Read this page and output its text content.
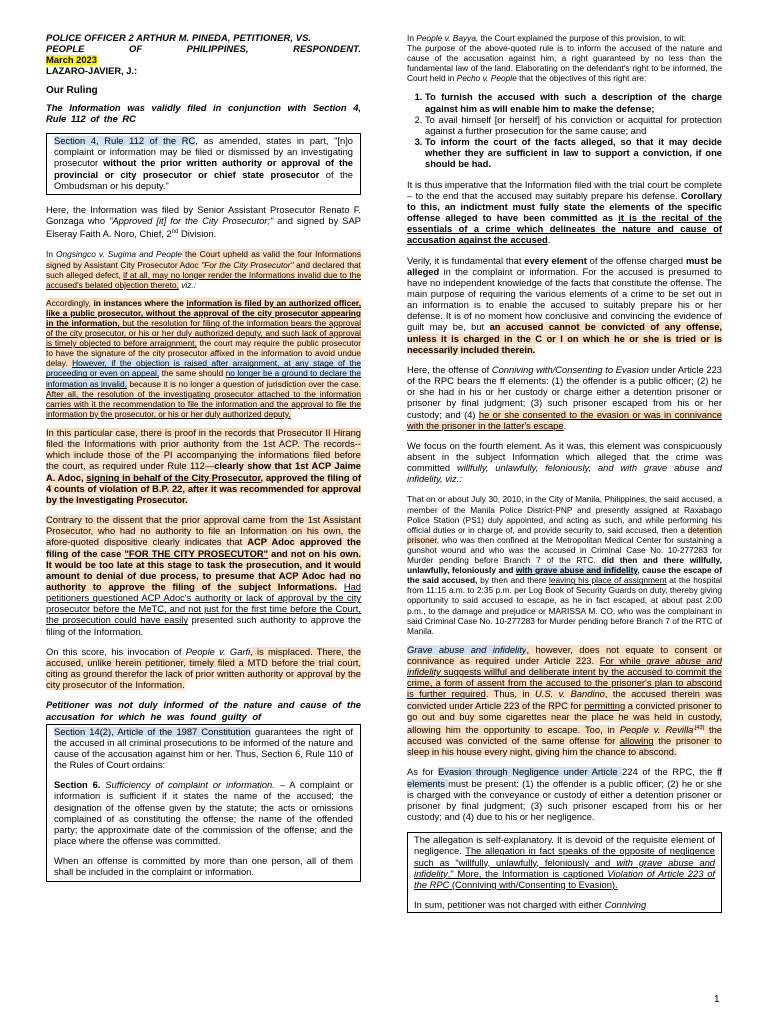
POLICE OFFICER 2 ARTHUR M. PINEDA, PETITIONER, VS.
PEOPLE OF PHILIPPINES, RESPONDENT.

March 2023

LAZARO-JAVIER, J.:

Our Ruling

The Information was validly filed in conjunction with Section 4, Rule 112 of the RC

Section 4, Rule 112 of the RC, as amended, states in part, "[n]o complaint or information may be filed or dismissed by an investigating prosecutor without the prior written authority or approval of the provincial or city prosecutor or chief state prosecutor of the Ombudsman or his deputy."

Here, the Information was filed by Senior Assistant Prosecutor Renato F. Gonzaga who "Approved [it] for the City Prosecutor;" and signed by SAP Elseray Faith A. Noro, Chief, 2nd Division.

In Ongsingco v. Sugima and People the Court upheld as valid the four Informations signed by Assistant City Prosecutor Adoc "For the City Prosecutor" and declared that such alleged defect, if at all, may no longer render the Informations invalid due to the accused's belated objection thereto, viz.:

Accordingly, in instances where the information is filed by an authorized officer, like a public prosecutor, without the approval of the city prosecutor appearing in the information, but the resolution for filing of the information bears the approval of the city prosecutor, or his or her duly authorized deputy, and such lack of approval is timely objected to before arraignment, the court may require the public prosecutor to have the signature of the city prosecutor affixed in the information to avoid undue delay. However, if the objection is raised after arraignment, at any stage of the proceeding or even on appeal, the same should no longer be a ground to declare the information as invalid, because it is no longer a question of jurisdiction over the case. After all, the resolution of the investigating prosecutor attached to the information carries with it the recommendation to file the information and the approval to file the information by the prosecutor, or his or her duly authorized deputy.

In this particular case, there is proof in the records that Prosecutor II Hirang filed the Informations with prior authority from the 1st ACP. The records--which include those of the PI accompanying the informations filed before the court, as required under Rule 112—clearly show that 1st ACP Jaime A. Adoc, signing in behalf of the City Prosecutor, approved the filing of 4 counts of violation of B.P. 22, after it was recommended for approval by the Investigating Prosecutor.

Contrary to the dissent that the prior approval came from the 1st Assistant Prosecutor, who had no authority to file an Information on his own, the afore-quoted dispositive clearly indicates that ACP Adoc approved the filing of the case "FOR THE CITY PROSECUTOR" and not on his own. It would be too late at this stage to task the prosecution, and it would amount to denial of due process, to presume that ACP Adoc had no authority to approve the filing of the subject Informations. Had petitioners questioned ACP Adoc's authority or lack of approval by the city prosecutor before the MeTC, and not just for the first time before the Court, the prosecution could have easily presented such authority to approve the filing of the Information.

On this score, his invocation of People v. Garfi, is misplaced. There, the accused, unlike herein petitioner, timely filed a MTD before the trial court, citing as ground therefor the lack of prior written authority or approval by the city prosecutor of the Information.

Petitioner was not duly informed of the nature and cause of the accusation for which he was found guilty of

Section 14(2), Article of the 1987 Constitution guarantees the right of the accused in all criminal prosecutions to be informed of the nature and cause of the accusation against him or her. Thus, Section 6, Rule 110 of the Rules of Court ordains:

Section 6. Sufficiency of complaint or information. – A complaint or information is sufficient if it states the name of the accused; the designation of the offense given by the statute; the acts or omissions complained of as constituting the offense; the name of the offended party; the approximate date of the commission of the offense; and the place where the offense was committed.

When an offense is committed by more than one person, all of them shall be included in the complaint or information.

In People v. Bayya, the Court explained the purpose of this provision, to wit:

The purpose of the above-quoted rule is to inform the accused of the nature and cause of the accusation against him, a right guaranteed by no less than the fundamental law of the land. Elaborating on the defendant's right to be informed, the Court held in Pecho v. People that the objectives of this right are:

1. To furnish the accused with such a description of the charge against him as will enable him to make the defense;
2. To avail himself [or herself] of his conviction or acquittal for protection against a further prosecution for the same cause; and
3. To inform the court of the facts alleged, so that it may decide whether they are sufficient in law to support a conviction, if one should be had.

It is thus imperative that the Information filed with the trial court be complete – to the end that the accused may suitably prepare his defense. Corollary to this, an indictment must fully state the elements of the specific offense alleged to have been committed as it is the recital of the essentials of a crime which delineates the nature and cause of accusation against the accused.

Verily, it is fundamental that every element of the offense charged must be alleged in the complaint or information. For the accused is presumed to have no independent knowledge of the facts that constitute the offense. The main purpose of requiring the various elements of a crime to be set out in an information is to enable the accused to suitably prepare his or her defense. It is of no moment how conclusive and convincing the evidence of guilt may be, but an accused cannot be convicted of any offense, unless it is charged in the C or I on which he or she is tried or is necessarily included therein.

Here, the offense of Conniving with/Consenting to Evasion under Article 223 of the RPC bears the ff elements: (1) the offender is a public officer; (2) he or she had in his or her custody or charge either a detention prisoner or prisoner by final judgment; (3) such prisoner escaped from his or her custody; and (4) he or she consented to the evasion or was in connivance with the prisoner in the latter's escape.

We focus on the fourth element. As it was, this element was conspicuously absent in the subject Information which alleged that the crime was committed willfully, unlawfully, feloniously, and with grave abuse and infidelity, viz.:

That on or about July 30, 2010, in the City of Manila, Philippines, the said accused, a member of the Manila Police District-PNP and presently assigned at Raxabago Police Station (PS1) duly appointed, and acting as such, and while performing his official duties or in charge of, and provide security to, said accused, then a detention prisoner, who was then confined at the Metropolitan Medical Center for sustaining a gunshot wound and who was the accused in Criminal Case No. 10-277283 for Murder pending before Branch 7 of the RTC. did then and there willfully, unlawfully, feloniously and with grave abuse and infidelity, cause the escape of the said accused, by then and there leaving his place of assignment at the hospital from 11:15 a.m. to 2:35 p.m. per Log Book of Security Guards on duty, thereby giving opportunity to said accused to escape, as he in fact escaped, at about past 2:00 p.m., to the damage and prejudice or MARISSA M. CO, who was the complainant in said Criminal Case No. 10-277283 for Murder pending before Branch 7 of the RTC of Manila.

Grave abuse and infidelity, however, does not equate to consent or connivance as required under Article 223. For while grave abuse and infidelity suggests willful and deliberate intent by the accused to commit the crime, a form of assent from the accused to the prisoner's plan to abscond is further required. Thus, in U.S. v. Bandino, the accused therein was convicted under Article 223 of the RPC for permitting a convicted prisoner to go out and buy some cigarettes near the place he was held in custody, allowing him the opportunity to escape. Too, in People v. Revilla$^{,[43]}$ the accused was convicted of the same offense for allowing the prisoner to sleep in his house every night, giving him the chance to abscond.

As for Evasion through Negligence under Article 224 of the RPC, the ff elements must be present: (1) the offender is a public officer; (2) he or she is charged with the conveyance or custody of either a detention prisoner or prisoner by final judgment; (3) such prisoner escaped from his or her custody; and (4) due to his or her negligence.

The allegation is self-explanatory. It is devoid of the requisite element of negligence. The allegation in fact speaks of the opposite of negligence such as "willfully, unlawfully, feloniously and with grave abuse and infidelity." More, the Information is captioned Violation of Article 223 of the RPC (Conniving with/Consenting to Evasion).

In sum, petitioner was not charged with either Conniving

1
